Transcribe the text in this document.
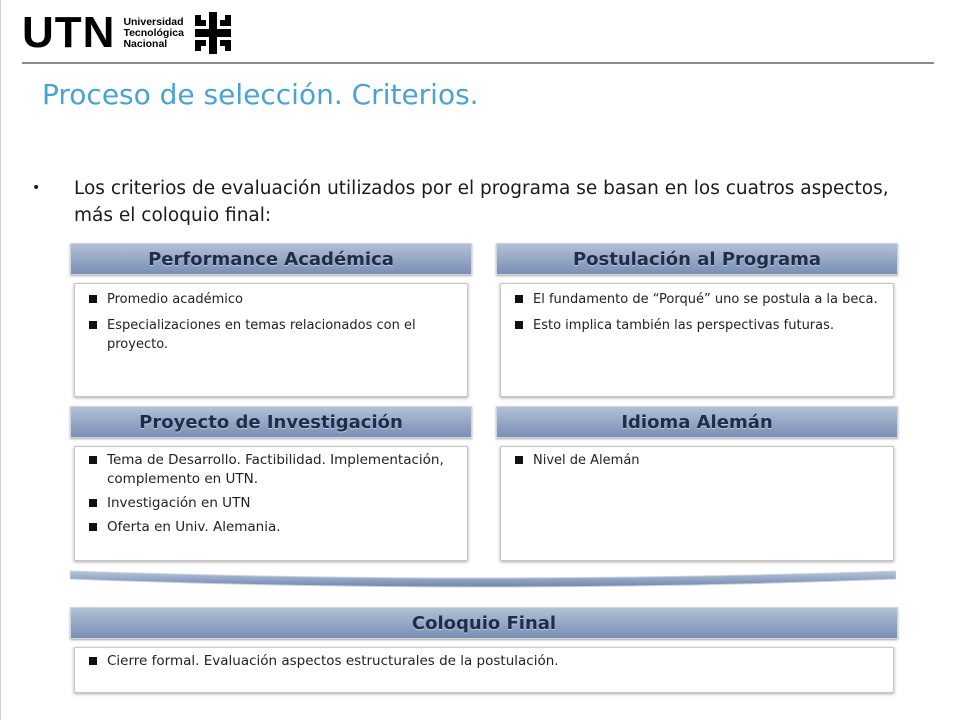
UTN Universidad
Tecnológica
Nacional
Proceso de selección. Criterios.
• Los criterios de evaluación utilizados por el programa se basan en los cuatros aspectos, más el coloquio final:
Performance Académica
Promedio académico
Especializaciones en temas relacionados con el proyecto.
Postulación al Programa
El fundamento de “Porqué” uno se postula a la beca.
Esto implica también las perspectivas futuras.
Proyecto de Investigación
Tema de Desarrollo. Factibilidad. Implementación, complemento en UTN.
Investigación en UTN
Oferta en Univ. Alemania.
Idioma Alemán
Nivel de Alemán
Coloquio Final
Cierre formal. Evaluación aspectos estructurales de la postulación.
